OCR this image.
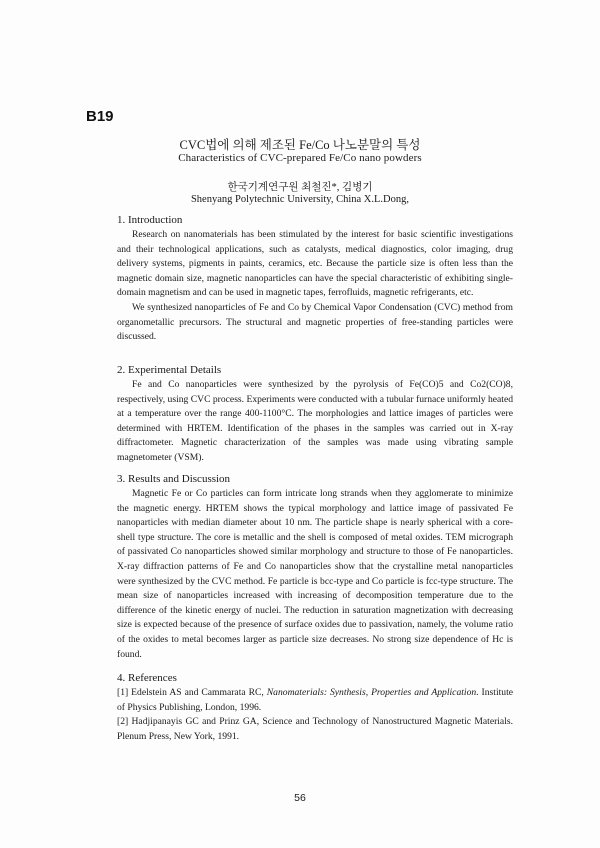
B19
CVC법에 의해 제조된 Fe/Co 나노분말의 특성
Characteristics of CVC-prepared Fe/Co nano powders
한국기계연구원 최철진*, 김병기
Shenyang Polytechnic University, China X.L.Dong,
1. Introduction

Research on nanomaterials has been stimulated by the interest for basic scientific investigations and their technological applications, such as catalysts, medical diagnostics, color imaging, drug delivery systems, pigments in paints, ceramics, etc. Because the particle size is often less than the magnetic domain size, magnetic nanoparticles can have the special characteristic of exhibiting single-domain magnetism and can be used in magnetic tapes, ferrofluids, magnetic refrigerants, etc.

We synthesized nanoparticles of Fe and Co by Chemical Vapor Condensation (CVC) method from organometallic precursors. The structural and magnetic properties of free-standing particles were discussed.

2. Experimental Details

Fe and Co nanoparticles were synthesized by the pyrolysis of Fe(CO)5 and Co2(CO)8, respectively, using CVC process. Experiments were conducted with a tubular furnace uniformly heated at a temperature over the range 400-1100°C. The morphologies and lattice images of particles were determined with HRTEM. Identification of the phases in the samples was carried out in X-ray diffractometer. Magnetic characterization of the samples was made using vibrating sample magnetometer (VSM).

3. Results and Discussion

Magnetic Fe or Co particles can form intricate long strands when they agglomerate to minimize the magnetic energy. HRTEM shows the typical morphology and lattice image of passivated Fe nanoparticles with median diameter about 10 nm. The particle shape is nearly spherical with a core-shell type structure. The core is metallic and the shell is composed of metal oxides. TEM micrograph of passivated Co nanoparticles showed similar morphology and structure to those of Fe nanoparticles. X-ray diffraction patterns of Fe and Co nanoparticles show that the crystalline metal nanoparticles were synthesized by the CVC method. Fe particle is bcc-type and Co particle is fcc-type structure. The mean size of nanoparticles increased with increasing of decomposition temperature due to the difference of the kinetic energy of nuclei. The reduction in saturation magnetization with decreasing size is expected because of the presence of surface oxides due to passivation, namely, the volume ratio of the oxides to metal becomes larger as particle size decreases. No strong size dependence of Hc is found.

4. References

[1] Edelstein AS and Cammarata RC, Nanomaterials: Synthesis, Properties and Application. Institute of Physics Publishing, London, 1996.

[2] Hadjipanayis GC and Prinz GA, Science and Technology of Nanostructured Magnetic Materials. Plenum Press, New York, 1991.

56
